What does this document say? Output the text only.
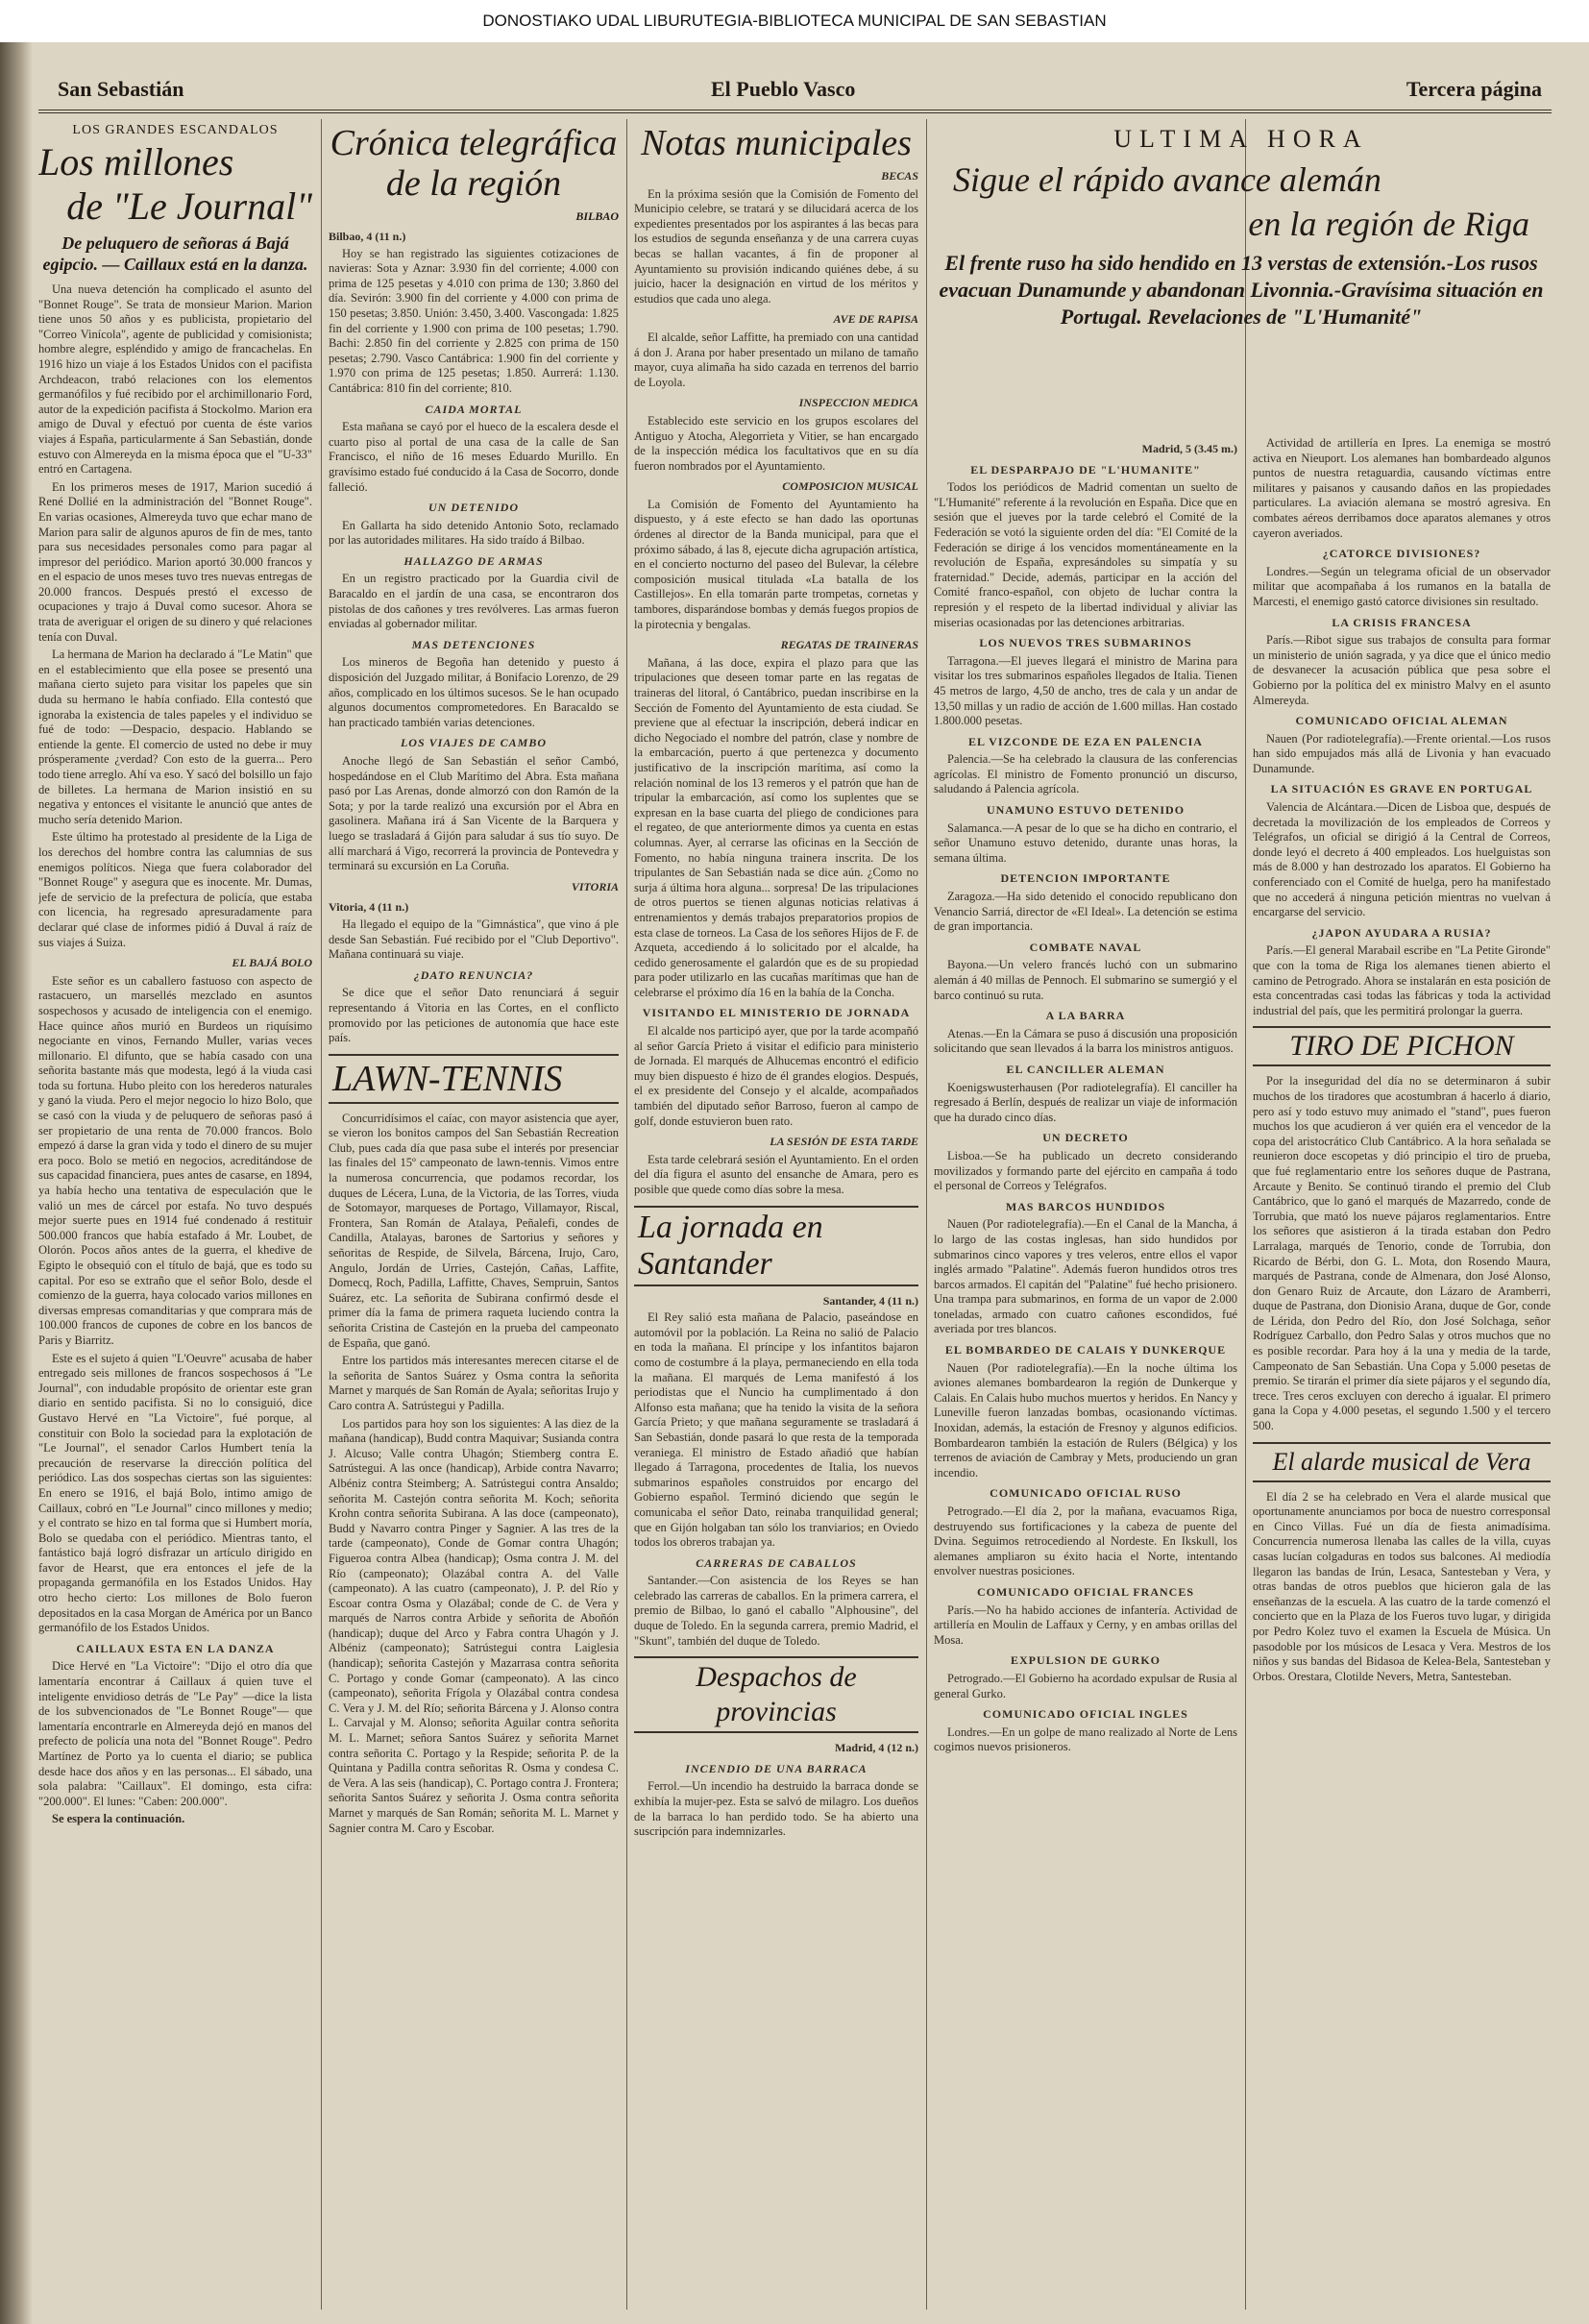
DONOSTIAKO UDAL LIBURUTEGIA-BIBLIOTECA MUNICIPAL DE SAN SEBASTIAN
San Sebastián	El Pueblo Vasco	Tercera página
LOS GRANDES ESCANDALOS
Los millones
de "Le Journal"
De peluquero de señoras á Bajá egipcio. — Caillaux está en la danza.

Una nueva detención ha complicado el asunto del "Bonnet Rouge". Se trata de monsieur Marion. Marion tiene unos 50 años y es publicista, propietario del "Correo Vinícola", agente de publicidad y comisionista; hombre alegre, espléndido y amigo de francachelas. En 1916 hizo un viaje á los Estados Unidos con el pacifista Archdeacon, trabó relaciones con los elementos germanófilos y fué recibido por el archimillonario Ford, autor de la expedición pacifista á Stockolmo. Marion era amigo de Duval y efectuó por cuenta de éste varios viajes á España, particularmente á San Sebastián, donde estuvo con Almereyda en la misma época que el "U-33" entró en Cartagena.

En los primeros meses de 1917, Marion sucedió á René Dollié en la administración del "Bonnet Rouge". En varias ocasiones, Almereyda tuvo que echar mano de Marion para salir de algunos apuros de fin de mes, tanto para sus necesidades personales como para pagar al impresor del periódico. Marion aportó 30.000 francos y en el espacio de unos meses tuvo tres nuevas entregas de 20.000 francos. Después prestó el excesso de ocupaciones y trajo á Duval como sucesor. Ahora se trata de averiguar el origen de su dinero y qué relaciones tenía con Duval.

La hermana de Marion ha declarado á "Le Matin" que en el establecimiento que ella posee se presentó una mañana cierto sujeto para visitar los papeles que sin duda su hermano le había confiado. Ella contestó que ignoraba la existencia de tales papeles y el individuo se fué de todo: —Despacio, despacio. Hablando se entiende la gente. El comercio de usted no debe ir muy prósperamente ¿verdad? Con esto de la guerra... Pero todo tiene arreglo. Ahí va eso. Y sacó del bolsillo un fajo de billetes. La hermana de Marion insistió en su negativa y entonces el visitante le anunció que antes de mucho sería detenido Marion.

Este último ha protestado al presidente de la Liga de los derechos del hombre contra las calumnias de sus enemigos políticos. Niega que fuera colaborador del "Bonnet Rouge" y asegura que es inocente. Mr. Dumas, jefe de servicio de la prefectura de policía, que estaba con licencia, ha regresado apresuradamente para declarar qué clase de informes pidió á Duval á raíz de sus viajes á Suiza.

EL BAJÁ BOLO

Este señor es un caballero fastuoso con aspecto de rastacuero, un marsellés mezclado en asuntos sospechosos y acusado de inteligencia con el enemigo. Hace quince años murió en Burdeos un riquísimo negociante en vinos, Fernando Muller, varias veces millonario. El difunto, que se había casado con una señorita bastante más que modesta, legó á la viuda casi toda su fortuna. Hubo pleito con los herederos naturales y ganó la viuda. Pero el mejor negocio lo hizo Bolo, que se casó con la viuda y de peluquero de señoras pasó á ser propietario de una renta de 70.000 francos. Bolo empezó á darse la gran vida y todo el dinero de su mujer era poco. Bolo se metió en negocios, acreditándose de sus capacidad financiera, pues antes de casarse, en 1894, ya había hecho una tentativa de especulación que le valió un mes de cárcel por estafa. No tuvo después mejor suerte pues en 1914 fué condenado á restituir 500.000 francos que había estafado á Mr. Loubet, de Olorón. Pocos años antes de la guerra, el khedive de Egipto le obsequió con el título de bajá, que es todo su capital. Por eso se extraño que el señor Bolo, desde el comienzo de la guerra, haya colocado varios millones en diversas empresas comanditarias y que comprara más de 100.000 francos de cupones de cobre en los bancos de Paris y Biarritz.

Este es el sujeto á quien "L'Oeuvre" acusaba de haber entregado seis millones de francos sospechosos á "Le Journal", con indudable propósito de orientar este gran diario en sentido pacifista. Si no lo consiguió, dice Gustavo Hervé en "La Victoire", fué porque, al constituir con Bolo la sociedad para la explotación de "Le Journal", el senador Carlos Humbert tenía la precaución de reservarse la dirección política del periódico. Las dos sospechas ciertas son las siguientes: En enero se 1916, el bajá Bolo, intimo amigo de Caillaux, cobró en "Le Journal" cinco millones y medio; y el contrato se hizo en tal forma que si Humbert moría, Bolo se quedaba con el periódico. Mientras tanto, el fantástico bajá logró disfrazar un artículo dirigido en favor de Hearst, que era entonces el jefe de la propaganda germanófila en los Estados Unidos. Hay otro hecho cierto: Los millones de Bolo fueron depositados en la casa Morgan de América por un Banco germanófilo de los Estados Unidos.

CAILLAUX ESTA EN LA DANZA

Dice Hervé en "La Victoire": "Dijo el otro día que lamentaría encontrar á Caillaux á quien tuve el inteligente envidioso detrás de "Le Pay" —dice la lista de los subvencionados de "Le Bonnet Rouge"— que lamentaría encontrarle en Almereyda dejó en manos del prefecto de policía una nota del "Bonnet Rouge". Pedro Martínez de Porto ya lo cuenta el diario; se publica desde hace dos años y en las personas... El sábado, una sola palabra: "Caillaux". El domingo, esta cifra: "200.000". El lunes: "Caben: 200.000".

Se espera la continuación.

Crónica telegráfica de la región
BILBAO
Bilbao, 4 (11 n.)

Hoy se han registrado las siguientes cotizaciones de navieras: Sota y Aznar: 3.930 fin del corriente; 4.000 con prima de 125 pesetas y 4.010 con prima de 130; 3.860 del día. Sevirón: 3.900 fin del corriente y 4.000 con prima de 150 pesetas; 3.850. Unión: 3.450, 3.400. Vascongada: 1.825 fin del corriente y 1.900 con prima de 100 pesetas; 1.790. Bachi: 2.850 fin del corriente y 2.825 con prima de 150 pesetas; 2.790. Vasco Cantábrica: 1.900 fin del corriente y 1.970 con prima de 125 pesetas; 1.850. Aurrerá: 1.130. Cantábrica: 810 fin del corriente; 810.

CAIDA MORTAL

Esta mañana se cayó por el hueco de la escalera desde el cuarto piso al portal de una casa de la calle de San Francisco, el niño de 16 meses Eduardo Murillo. En gravísimo estado fué conducido á la Casa de Socorro, donde falleció.

UN DETENIDO

En Gallarta ha sido detenido Antonio Soto, reclamado por las autoridades militares. Ha sido traído á Bilbao.

HALLAZGO DE ARMAS

En un registro practicado por la Guardia civil de Baracaldo en el jardín de una casa, se encontraron dos pistolas de dos cañones y tres revólveres. Las armas fueron enviadas al gobernador militar.

MAS DETENCIONES

Los mineros de Begoña han detenido y puesto á disposición del Juzgado militar, á Bonifacio Lorenzo, de 29 años, complicado en los últimos sucesos. Se le han ocupado algunos documentos comprometedores. En Baracaldo se han practicado también varias detenciones.

LOS VIAJES DE CAMBO

Anoche llegó de San Sebastián el señor Cambó, hospedándose en el Club Marítimo del Abra. Esta mañana pasó por Las Arenas, donde almorzó con don Ramón de la Sota; y por la tarde realizó una excursión por el Abra en gasolinera. Mañana irá á San Vicente de la Barquera y luego se trasladará á Gijón para saludar á sus tío suyo. De allí marchará á Vigo, recorrerá la provincia de Pontevedra y terminará su excursión en La Coruña.

VITORIA
Vitoria, 4 (11 n.)

Ha llegado el equipo de la "Gimnástica", que vino á ple desde San Sebastián. Fué recibido por el "Club Deportivo". Mañana continuará su viaje.

¿DATO RENUNCIA?

Se dice que el señor Dato renunciará á seguir representando á Vitoria en las Cortes, en el conflicto promovido por las peticiones de autonomía que hace este país.

LAWN-TENNIS

Concurridísimos el caíac, con mayor asistencia que ayer, se vieron los bonitos campos del San Sebastián Recreation Club, pues cada día que pasa sube el interés por presenciar las finales del 15º campeonato de lawn-tennis. Vimos entre la numerosa concurrencia, que podamos recordar, los duques de Lécera, Luna, de la Victoria, de las Torres, viuda de Sotomayor, marqueses de Portago, Villamayor, Riscal, Frontera, San Román de Atalaya, Peñalefi, condes de Candilla, Atalayas, barones de Sartorius y señores y señoritas de Respide, de Silvela, Bárcena, Irujo, Caro, Angulo, Jordán de Urries, Castejón, Cañas, Laffite, Domecq, Roch, Padilla, Laffitte, Chaves, Sempruin, Santos Suárez, etc. La señorita de Subirana confirmó desde el primer día la fama de primera raqueta luciendo contra la señorita Cristina de Castejón en la prueba del campeonato de España, que ganó.

Entre los partidos más interesantes merecen citarse el de la señorita de Santos Suárez y Osma contra la señorita Marnet y marqués de San Román de Ayala; señoritas Irujo y Caro contra A. Satrústegui y Padilla.

Los partidos para hoy son los siguientes: A las diez de la mañana (handicap), Budd contra Maquivar; Susianda contra J. Alcuso; Valle contra Uhagón; Stiemberg contra E. Satrústegui. A las once (handicap), Arbide contra Navarro; Albéniz contra Steimberg; A. Satrústegui contra Ansaldo; señorita M. Castejón contra señorita M. Koch; señorita Krohn contra señorita Subirana. A las doce (campeonato), Budd y Navarro contra Pinger y Sagnier. A las tres de la tarde (campeonato), Conde de Gomar contra Uhagón; Figueroa contra Albea (handicap); Osma contra J. M. del Río (campeonato); Olazábal contra A. del Valle (campeonato). A las cuatro (campeonato), J. P. del Río y Escoar contra Osma y Olazábal; conde de C. de Vera y marqués de Narros contra Arbide y señorita de Aboñón (handicap); duque del Arco y Fabra contra Uhagón y J. Albéniz (campeonato); Satrústegui contra Laiglesia (handicap); señorita Castejón y Mazarrasa contra señorita C. Portago y conde Gomar (campeonato). A las cinco (campeonato), señorita Frígola y Olazábal contra condesa C. Vera y J. M. del Río; señorita Bárcena y J. Alonso contra L. Carvajal y M. Alonso; señorita Aguilar contra señorita M. L. Marnet; señora Santos Suárez y señorita Marnet contra señorita C. Portago y la Respide; señorita P. de la Quintana y Padilla contra señoritas R. Osma y condesa C. de Vera. A las seis (handicap), C. Portago contra J. Frontera; señorita Santos Suárez y señorita J. Osma contra señorita Marnet y marqués de San Román; señorita M. L. Marnet y Sagnier contra M. Caro y Escobar.

Notas municipales
BECAS

En la próxima sesión que la Comisión de Fomento del Municipio celebre, se tratará y se dilucidará acerca de los expedientes presentados por los aspirantes á las becas para los estudios de segunda enseñanza y de una carrera cuyas becas se hallan vacantes, á fin de proponer al Ayuntamiento su provisión indicando quiénes debe, á su juicio, hacer la designación en virtud de los méritos y estudios que cada uno alega.

AVE DE RAPISA

El alcalde, señor Laffitte, ha premiado con una cantidad á don J. Arana por haber presentado un milano de tamaño mayor, cuya alimaña ha sido cazada en terrenos del barrio de Loyola.

INSPECCION MEDICA

Establecido este servicio en los grupos escolares del Antiguo y Atocha, Alegorrieta y Vitier, se han encargado de la inspección médica los facultativos que en su día fueron nombrados por el Ayuntamiento.

COMPOSICION MUSICAL

La Comisión de Fomento del Ayuntamiento ha dispuesto, y á este efecto se han dado las oportunas órdenes al director de la Banda municipal, para que el próximo sábado, á las 8, ejecute dicha agrupación artística, en el concierto nocturno del paseo del Bulevar, la célebre composición musical titulada «La batalla de los Castillejos». En ella tomarán parte trompetas, cornetas y tambores, disparándose bombas y demás fuegos propios de la pirotecnia y bengalas.

REGATAS DE TRAINERAS

Mañana, á las doce, expira el plazo para que las tripulaciones que deseen tomar parte en las regatas de traineras del litoral, ó Cantábrico, puedan inscribirse en la Sección de Fomento del Ayuntamiento de esta ciudad. Se previene que al efectuar la inscripción, deberá indicar en dicho Negociado el nombre del patrón, clase y nombre de la embarcación, puerto á que pertenezca y documento justificativo de la inscripción marítima, así como la relación nominal de los 13 remeros y el patrón que han de tripular la embarcación, así como los suplentes que se expresan en la base cuarta del pliego de condiciones para el regateo, de que anteriormente dimos ya cuenta en estas columnas. Ayer, al cerrarse las oficinas en la Sección de Fomento, no había ninguna trainera inscrita. De los tripulantes de San Sebastián nada se dice aún. ¿Como no surja á última hora alguna... sorpresa! De las tripulaciones de otros puertos se tienen algunas noticias relativas á entrenamientos y demás trabajos preparatorios propios de esta clase de torneos. La Casa de los señores Hijos de F. de Azqueta, accediendo á lo solicitado por el alcalde, ha cedido generosamente el galardón que es de su propiedad para poder utilizarlo en las cucañas marítimas que han de celebrarse el próximo día 16 en la bahía de la Concha.

VISITANDO EL MINISTERIO DE JORNADA

El alcalde nos participó ayer, que por la tarde acompañó al señor García Prieto á visitar el edificio para ministerio de Jornada. El marqués de Alhucemas encontró el edificio muy bien dispuesto é hizo de él grandes elogios. Después, el ex presidente del Consejo y el alcalde, acompañados también del diputado señor Barroso, fueron al campo de golf, donde estuvieron buen rato.

LA SESIÓN DE ESTA TARDE

Esta tarde celebrará sesión el Ayuntamiento. En el orden del día figura el asunto del ensanche de Amara, pero es posible que quede como días sobre la mesa.

La jornada en Santander
Santander, 4 (11 n.)

El Rey salió esta mañana de Palacio, paseándose en automóvil por la población. La Reina no salió de Palacio en toda la mañana. El príncipe y los infantitos bajaron como de costumbre á la playa, permaneciendo en ella toda la mañana. El marqués de Lema manifestó á los periodistas que el Nuncio ha cumplimentado á don Alfonso esta mañana; que ha tenido la visita de la señora García Prieto; y que mañana seguramente se trasladará á San Sebastián, donde pasará lo que resta de la temporada veraniega. El ministro de Estado añadió que habían llegado á Tarragona, procedentes de Italia, los nuevos submarinos españoles construidos por encargo del Gobierno español. Terminó diciendo que según le comunicaba el señor Dato, reinaba tranquilidad general; que en Gijón holgaban tan sólo los tranviarios; en Oviedo todos los obreros trabajan ya.

CARRERAS DE CABALLOS

Santander.—Con asistencia de los Reyes se han celebrado las carreras de caballos. En la primera carrera, el premio de Bilbao, lo ganó el caballo "Alphousine", del duque de Toledo. En la segunda carrera, premio Madrid, el "Skunt", también del duque de Toledo.

Despachos de provincias
Madrid, 4 (12 n.)
INCENDIO DE UNA BARRACA

Ferrol.—Un incendio ha destruido la barraca donde se exhibía la mujer-pez. Esta se salvó de milagro. Los dueños de la barraca lo han perdido todo. Se ha abierto una suscripción para indemnizarles.

ULTIMA HORA
Sigue el rápido avance alemán
en la región de Riga
El frente ruso ha sido hendido en 13 verstas de extensión.-Los rusos evacuan Dunamunde y abandonan Livonnia.-Gravísima situación en Portugal. Revelaciones de "L'Humanité"
Madrid, 5 (3.45 m.)
EL DESPARPAJO DE "L'HUMANITE"

Todos los periódicos de Madrid comentan un suelto de "L'Humanité" referente á la revolución en España. Dice que en sesión que el jueves por la tarde celebró el Comité de la Federación se votó la siguiente orden del día: "El Comité de la Federación se dirige á los vencidos momentáneamente en la revolución de España, expresándoles su simpatía y su fraternidad." Decide, además, participar en la acción del Comité franco-español, con objeto de luchar contra la represión y el respeto de la libertad individual y aliviar las miserias ocasionadas por las detenciones arbitrarias.

LOS NUEVOS TRES SUBMARINOS

Tarragona.—El jueves llegará el ministro de Marina para visitar los tres submarinos españoles llegados de Italia. Tienen 45 metros de largo, 4,50 de ancho, tres de cala y un andar de 13,50 millas y un radio de acción de 1.600 millas. Han costado 1.800.000 pesetas.

EL VIZCONDE DE EZA EN PALENCIA

Palencia.—Se ha celebrado la clausura de las conferencias agrícolas. El ministro de Fomento pronunció un discurso, saludando á Palencia agrícola.

UNAMUNO ESTUVO DETENIDO

Salamanca.—A pesar de lo que se ha dicho en contrario, el señor Unamuno estuvo detenido, durante unas horas, la semana última.

DETENCION IMPORTANTE

Zaragoza.—Ha sido detenido el conocido republicano don Venancio Sarriá, director de «El Ideal». La detención se estima de gran importancia.

COMBATE NAVAL

Bayona.—Un velero francés luchó con un submarino alemán á 40 millas de Pennoch. El submarino se sumergió y el barco continuó su ruta.

A LA BARRA

Atenas.—En la Cámara se puso á discusión una proposición solicitando que sean llevados á la barra los ministros antiguos.

EL CANCILLER ALEMAN

Koenigswusterhausen (Por radiotelegrafía). El canciller ha regresado á Berlín, después de realizar un viaje de información que ha durado cinco días.

UN DECRETO

Lisboa.—Se ha publicado un decreto considerando movilizados y formando parte del ejército en campaña á todo el personal de Correos y Telégrafos.

MAS BARCOS HUNDIDOS

Nauen (Por radiotelegrafía).—En el Canal de la Mancha, á lo largo de las costas inglesas, han sido hundidos por submarinos cinco vapores y tres veleros, entre ellos el vapor inglés armado "Palatine". Además fueron hundidos otros tres barcos armados. El capitán del "Palatine" fué hecho prisionero. Una trampa para submarinos, en forma de un vapor de 2.000 toneladas, armado con cuatro cañones escondidos, fué averiada por tres blancos.

EL BOMBARDEO DE CALAIS Y DUNKERQUE

Nauen (Por radiotelegrafía).—En la noche última los aviones alemanes bombardearon la región de Dunkerque y Calais. En Calais hubo muchos muertos y heridos. En Nancy y Luneville fueron lanzadas bombas, ocasionando víctimas. Inoxidan, además, la estación de Fresnoy y algunos edificios. Bombardearon también la estación de Rulers (Bélgica) y los terrenos de aviación de Cambray y Mets, produciendo un gran incendio.

COMUNICADO OFICIAL RUSO

Petrogrado.—El día 2, por la mañana, evacuamos Riga, destruyendo sus fortificaciones y la cabeza de puente del Dvina. Seguimos retrocediendo al Nordeste. En Ikskull, los alemanes ampliaron su éxito hacia el Norte, intentando envolver nuestras posiciones.

COMUNICADO OFICIAL FRANCES

París.—No ha habido acciones de infantería. Actividad de artillería en Moulin de Laffaux y Cerny, y en ambas orillas del Mosa.

EXPULSION DE GURKO

Petrogrado.—El Gobierno ha acordado expulsar de Rusia al general Gurko.

COMUNICADO OFICIAL INGLES

Londres.—En un golpe de mano realizado al Norte de Lens cogimos nuevos prisioneros.

Actividad de artillería en Ipres. La enemiga se mostró activa en Nieuport. Los alemanes han bombardeado algunos puntos de nuestra retaguardia, causando víctimas entre militares y paisanos y causando daños en las propiedades particulares. La aviación alemana se mostró agresiva. En combates aéreos derribamos doce aparatos alemanes y otros cayeron averiados.

¿CATORCE DIVISIONES?

Londres.—Según un telegrama oficial de un observador militar que acompañaba á los rumanos en la batalla de Marcesti, el enemigo gastó catorce divisiones sin resultado.

LA CRISIS FRANCESA

París.—Ribot sigue sus trabajos de consulta para formar un ministerio de unión sagrada, y ya dice que el único medio de desvanecer la acusación pública que pesa sobre el Gobierno por la política del ex ministro Malvy en el asunto Almereyda.

COMUNICADO OFICIAL ALEMAN

Nauen (Por radiotelegrafía).—Frente oriental.—Los rusos han sido empujados más allá de Livonia y han evacuado Dunamunde.

LA SITUACIÓN ES GRAVE EN PORTUGAL

Valencia de Alcántara.—Dicen de Lisboa que, después de decretada la movilización de los empleados de Correos y Telégrafos, un oficial se dirigió á la Central de Correos, donde leyó el decreto á 400 empleados. Los huelguistas son más de 8.000 y han destrozado los aparatos. El Gobierno ha conferenciado con el Comité de huelga, pero ha manifestado que no accederá á ninguna petición mientras no vuelvan á encargarse del servicio.

¿JAPON AYUDARA A RUSIA?

París.—El general Marabail escribe en "La Petite Gironde" que con la toma de Riga los alemanes tienen abierto el camino de Petrogrado. Ahora se instalarán en esta posición de esta concentradas casi todas las fábricas y toda la actividad industrial del país, que les permitirá prolongar la guerra.

TIRO DE PICHON

Por la inseguridad del día no se determinaron á subir muchos de los tiradores que acostumbran á hacerlo á diario, pero así y todo estuvo muy animado el "stand", pues fueron muchos los que acudieron á ver quién era el vencedor de la copa del aristocrático Club Cantábrico. A la hora señalada se reunieron doce escopetas y dió principio el tiro de prueba, que fué reglamentario entre los señores duque de Pastrana, Arcaute y Benito. Se continuó tirando el premio del Club Cantábrico, que lo ganó el marqués de Mazarredo, conde de Torrubia, que mató los nueve pájaros reglamentarios. Entre los señores que asistieron á la tirada estaban don Pedro Larralaga, marqués de Tenorio, conde de Torrubia, don Ricardo de Bérbi, don G. L. Mota, don Rosendo Maura, marqués de Pastrana, conde de Almenara, don José Alonso, don Genaro Ruiz de Arcaute, don Lázaro de Aramberri, duque de Pastrana, don Dionisio Arana, duque de Gor, conde de Lérida, don Pedro del Río, don José Solchaga, señor Rodríguez Carballo, don Pedro Salas y otros muchos que no es posible recordar. Para hoy á la una y media de la tarde, Campeonato de San Sebastián. Una Copa y 5.000 pesetas de premio. Se tirarán el primer día siete pájaros y el segundo día, trece. Tres ceros excluyen con derecho á igualar. El primero gana la Copa y 4.000 pesetas, el segundo 1.500 y el tercero 500.

El alarde musical de Vera

El día 2 se ha celebrado en Vera el alarde musical que oportunamente anunciamos por boca de nuestro corresponsal en Cinco Villas. Fué un día de fiesta animadísima. Concurrencia numerosa llenaba las calles de la villa, cuyas casas lucían colgaduras en todos sus balcones. Al mediodía llegaron las bandas de Irún, Lesaca, Santesteban y Vera, y otras bandas de otros pueblos que hicieron gala de las enseñanzas de la escuela. A las cuatro de la tarde comenzó el concierto que en la Plaza de los Fueros tuvo lugar, y dirigida por Pedro Kolez tuvo el examen la Escuela de Música. Un pasodoble por los músicos de Lesaca y Vera. Mestros de los niños y sus bandas del Bidasoa de Kelea-Bela, Santesteban y Orbos. Orestara, Clotilde Nevers, Metra, Santesteban.
